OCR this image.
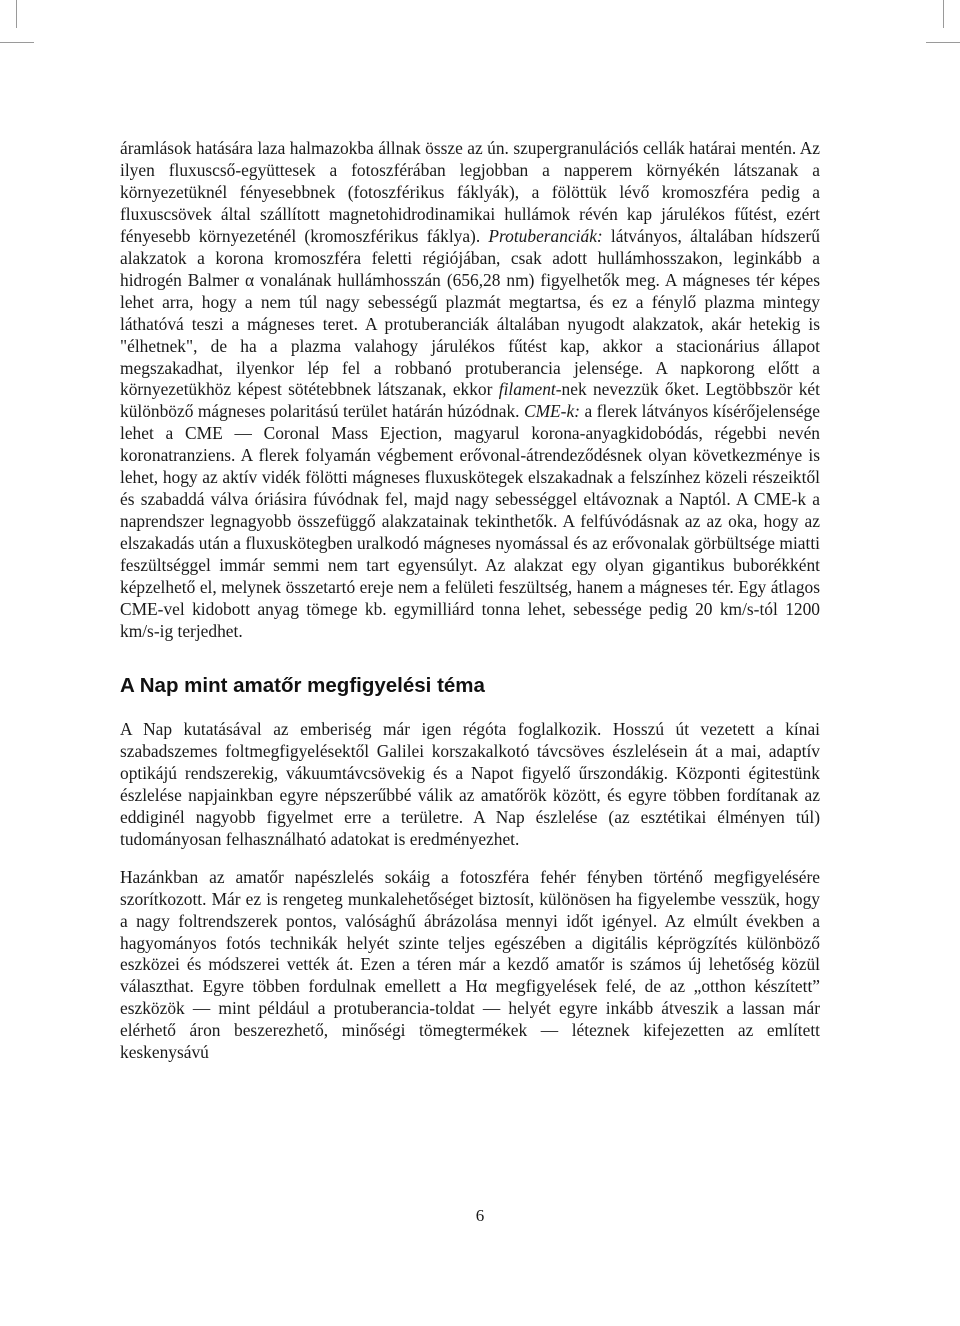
áramlások hatására laza halmazokba állnak össze az ún. szupergranulációs cellák határai mentén. Az ilyen fluxuscső-együttesek a fotoszférában legjobban a napperem környékén látszanak a környezetüknél fényesebbnek (fotoszférikus fáklyák), a fölöttük lévő kromoszféra pedig a fluxuscsövek által szállított magnetohidrodinamikai hullámok révén kap járulékos fűtést, ezért fényesebb környezeténél (kromoszférikus fáklya). Protuberanciák: látványos, általában hídszerű alakzatok a korona kromoszféra feletti régiójában, csak adott hullámhosszakon, leginkább a hidrogén Balmer α vonalának hullámhosszán (656,28 nm) figyelhetők meg. A mágneses tér képes lehet arra, hogy a nem túl nagy sebességű plazmát megtartsa, és ez a fénylő plazma mintegy láthatóvá teszi a mágneses teret. A protuberanciák általában nyugodt alakzatok, akár hetekig is "élhetnek", de ha a plazma valahogy járulékos fűtést kap, akkor a stacionárius állapot megszakadhat, ilyenkor lép fel a robbanó protuberancia jelensége. A napkorong előtt a környezetükhöz képest sötétebbnek látszanak, ekkor filament-nek nevezzük őket. Legtöbbször két különböző mágneses polaritású terület határán húzódnak. CME-k: a flerek látványos kísérőjelensége lehet a CME — Coronal Mass Ejection, magyarul korona-anyagkidobódás, régebbi nevén koronatranziens. A flerek folyamán végbement erővonal-átrendeződésnek olyan következménye is lehet, hogy az aktív vidék fölötti mágneses fluxuskötegek elszakadnak a felszínhez közeli részeiktől és szabaddá válva óriásira fúvódnak fel, majd nagy sebességgel eltávoznak a Naptól. A CME-k a naprendszer legnagyobb összefüggő alakzatainak tekinthetők. A felfúvódásnak az az oka, hogy az elszakadás után a fluxuskötegben uralkodó mágneses nyomással és az erővonalak görbültsége miatti feszültséggel immár semmi nem tart egyensúlyt. Az alakzat egy olyan gigantikus buborékként képzelhető el, melynek összetartó ereje nem a felületi feszültség, hanem a mágneses tér. Egy átlagos CME-vel kidobott anyag tömege kb. egymilliárd tonna lehet, sebessége pedig 20 km/s-tól 1200 km/s-ig terjedhet.

A Nap mint amatőr megfigyelési téma

A Nap kutatásával az emberiség már igen régóta foglalkozik. Hosszú út vezetett a kínai szabadszemes foltmegfigyelésektől Galilei korszakalkotó távcsöves észlelésein át a mai, adaptív optikájú rendszerekig, vákuumtávcsövekig és a Napot figyelő űrszondákig. Központi égitestünk észlelése napjainkban egyre népszerűbbé válik az amatőrök között, és egyre többen fordítanak az eddiginél nagyobb figyelmet erre a területre. A Nap észlelése (az esztétikai élményen túl) tudományosan felhasználható adatokat is eredményezhet.

Hazánkban az amatőr napészlelés sokáig a fotoszféra fehér fényben történő megfigyelésére szorítkozott. Már ez is rengeteg munkalehetőséget biztosít, különösen ha figyelembe vesszük, hogy a nagy foltrendszerek pontos, valósághű ábrázolása mennyi időt igényel. Az elmúlt években a hagyományos fotós technikák helyét szinte teljes egészében a digitális képrögzítés különböző eszközei és módszerei vették át. Ezen a téren már a kezdő amatőr is számos új lehetőség közül választhat. Egyre többen fordulnak emellett a Hα megfigyelések felé, de az „otthon készített” eszközök — mint például a protuberancia-toldat — helyét egyre inkább átveszik a lassan már elérhető áron beszerezhető, minőségi tömegtermékek — léteznek kifejezetten az említett keskenysávú

6
